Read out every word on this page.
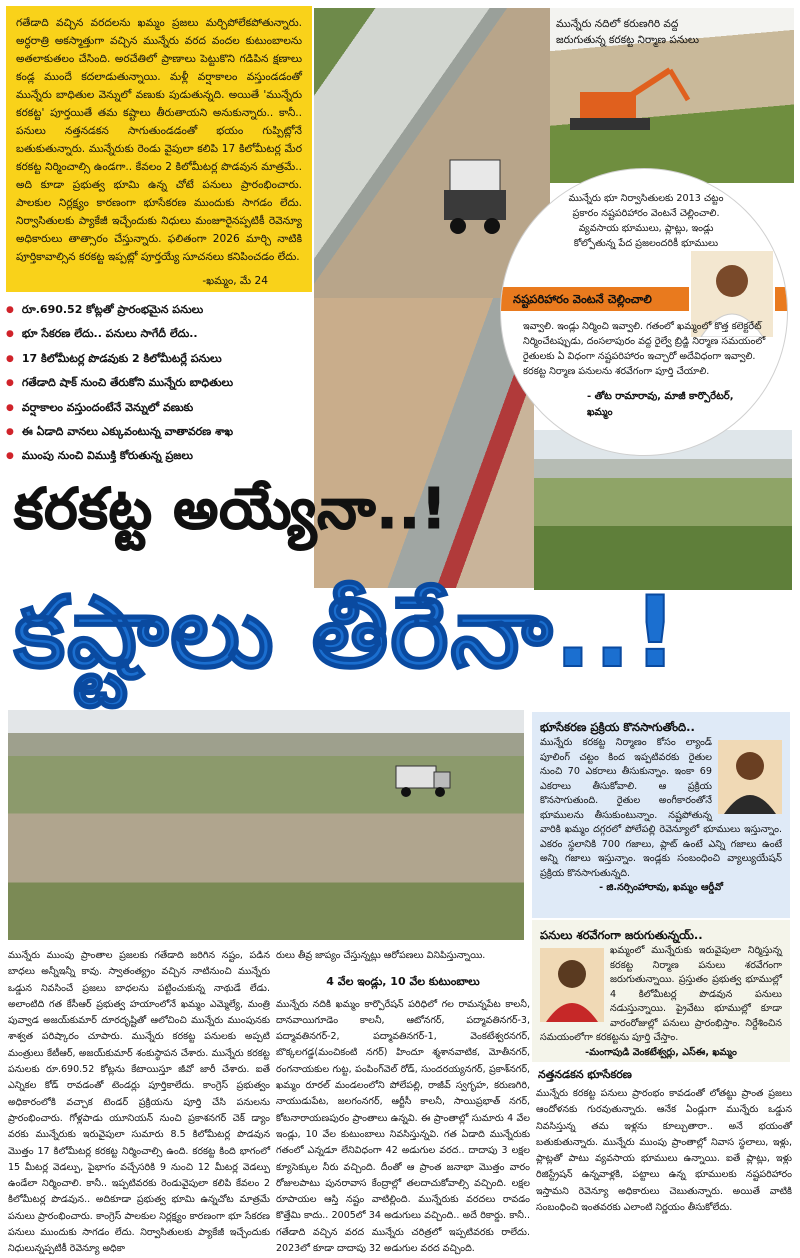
గతేడాది వచ్చిన వరదలను ఖమ్మం ప్రజలు మర్చిపోలేకపోతున్నారు. అర్ధరాత్రి అకస్మాత్తుగా వచ్చిన మున్నేరు వరద వందల కుటుంబాలను అతలాకుతలం చేసింది. అరచేతిలో ప్రాణాలు పెట్టుకొని గడిపిన క్షణాలు కండ్ల ముందే కదలాడుతున్నాయి. మళ్లీ వర్షాకాలం వస్తుండడంతో మున్నేరు బాధితుల వెన్నులో వణుకు పుడుతున్నది. అయితే 'మున్నేరు కరకట్ట' పూర్తయితే తమ కష్టాలు తీరుతాయని అనుకున్నారు.. కానీ.. పనులు నత్తనడకన సాగుతుండడంతో భయం గుప్పిట్లోనే బతుకుతున్నారు. మున్నేరుకు రెండు వైపులా కలిపి 17 కిలోమీటర్ల మేర కరకట్ట నిర్మించాల్సి ఉండగా.. కేవలం 2 కిలోమీటర్ల పొడవున మాత్రమే.. అది కూడా ప్రభుత్వ భూమి ఉన్న చోటే పనులు ప్రారంభించారు. పాలకుల నిర్లక్ష్యం కారణంగా భూసేకరణ ముందుకు సాగడం లేదు. నిర్వాసితులకు ప్యాకేజీ ఇచ్చేందుకు నిధులు మంజూరైనప్పటికీ రెవెన్యూ అధికారులు తాత్సారం చేస్తున్నారు. ఫలితంగా 2026 మార్చి నాటికి పూర్తికావాల్సిన కరకట్ట ఇప్పట్లో పూర్తయ్యే సూచనలు కనిపించడం లేదు.

-ఖమ్మం, మే 24
మున్నేరు నదిలో కరుణగిరి వద్ద జరుగుతున్న కరకట్ట నిర్మాణ పనులు
మున్నేరు భూ నిర్వాసితులకు 2013 చట్టం ప్రకారం నష్టపరిహారం వెంటనే చెల్లించాలి. వ్యవసాయ భూములు, ప్లాట్లు, ఇండ్లు కోల్పోతున్న పేద ప్రజలందరికీ భూములు
నష్టపరిహారం వెంటనే చెల్లించాలి
ఇవ్వాలి. ఇండ్లు నిర్మించి ఇవ్వాలి. గతంలో ఖమ్మంలో కొత్త కలెక్టరేట్ నిర్మించేటప్పుడు, దంసలాపురం వద్ద రైల్వే బ్రిడ్జి నిర్మాణ సమయంలో రైతులకు ఏ విధంగా నష్టపరిహారం ఇచ్చారో అదేవిధంగా ఇవ్వాలి. కరకట్ట నిర్మాణ పనులను శరవేగంగా పూర్తి చేయాలి.
- తోట రామారావు, మాజీ కార్పొరేటర్, ఖమ్మం
● రూ.690.52 కోట్లతో ప్రారంభమైన పనులు
● భూ సేకరణ లేదు.. పనులు సాగేదీ లేదు..
● 17 కిలోమీటర్ల పొడవుకు 2 కిలోమీటర్లే పనులు
● గతేడాది షాక్ నుంచి తేరుకోని మున్నేరు బాధితులు
● వర్షాకాలం వస్తుందంటేనే వెన్నులో వణుకు
● ఈ ఏడాది వానలు ఎక్కువంటున్న వాతావరణ శాఖ
● ముంపు నుంచి విముక్తి కోరుతున్న ప్రజలు
కరకట్ట అయ్యేనా..!
కష్టాలు తీరేనా..!
భూసేకరణ ప్రక్రియ కొనసాగుతోంది..
మున్నేరు కరకట్ట నిర్మాణం కోసం ల్యాండ్ పూలింగ్ చట్టం కింద ఇప్పటివరకు రైతుల నుంచి 70 ఎకరాలు తీసుకున్నాం. ఇంకా 69 ఎకరాలు తీసుకోవాలి. ఆ ప్రక్రియ కొనసాగుతుంది. రైతుల అంగీకారంతోనే భూములను తీసుకుంటున్నాం. నష్టపోతున్న వారికి ఖమ్మం దగ్గరలో పోలేపల్లి రెవెన్యూలో భూములు ఇస్తున్నాం. ఎకరం స్థలానికి 700 గజాలు, ప్లాట్ ఉంటే ఎన్ని గజాలు ఉంటే అన్ని గజాలు ఇస్తున్నాం. ఇండ్లకు సంబంధించి వ్యాల్యుయేషన్ ప్రక్రియ కొనసాగుతున్నది.
- జి.నర్సింహారావు, ఖమ్మం ఆర్డీవో
పనులు శరవేగంగా జరుగుతున్నయ్..
ఖమ్మంలో మున్నేరుకు ఇరువైపులా నిర్మిస్తున్న కరకట్ట నిర్మాణ పనులు శరవేగంగా జరుగుతున్నాయి. ప్రస్తుతం ప్రభుత్వ భూముల్లో 4 కిలోమీటర్ల పొడవున పనులు నడుస్తున్నాయి. ప్రైవేటు భూముల్లో కూడా వారంరోజుల్లో పనులు ప్రారంభిస్తాం. నిర్దేశించిన సమయంలోగా కరకట్టను పూర్తి చేస్తాం.
-మంగాపుడి వెంకటేశ్వర్లు, ఎస్ఈ, ఖమ్మం
మున్నేరు ముంపు ప్రాంతాల ప్రజలకు గతేడాది జరిగిన నష్టం, పడిన బాధలు అన్నీఇన్నీ కావు. స్వాతంత్య్రం వచ్చిన నాటినుంచి మున్నేరు ఒడ్డున నివసించే ప్రజలు బాధలను పట్టించుకున్న నాథుడే లేడు. అలాంటిది గత కేసీఆర్ ప్రభుత్వ హయాంలోనే ఖమ్మం ఎమ్మెల్యే, మంత్రి పువ్వాడ అజయ్‌కుమార్ దూరదృష్టితో ఆలోచించి మున్నేరు ముంపునకు శాశ్వత పరిష్కారం చూపారు. మున్నేరు కరకట్ట పనులకు అప్పటి మంత్రులు కేటీఆర్, అజయ్‌కుమార్ శంకుస్థాపన చేశారు. మున్నేరు కరకట్ట పనులకు రూ.690.52 కోట్లను కేటాయిస్తూ జీవో జారీ చేశారు. ఐతే ఎన్నికల కోడ్ రావడంతో టెండర్లు పూర్తికాలేదు. కాంగ్రెస్ ప్రభుత్వం అధికారంలోకి వచ్చాక టెండర్ ప్రక్రియను పూర్తి చేసి పనులను ప్రారంభించారు. గోళ్లపాడు యూనియన్ నుంచి ప్రకాశనగర్ చెక్ డ్యాం వరకు మున్నేరుకు ఇరువైపులా సుమారు 8.5 కిలోమీటర్ల పొడవున మొత్తం 17 కిలోమీటర్ల కరకట్ట నిర్మించాల్సి ఉంది. కరకట్ట కింది భాగంలో 15 మీటర్ల వెడల్పు, పైభాగం వచ్చేసరికి 9 నుంచి 12 మీటర్ల వెడల్పు ఉండేలా నిర్మించాలి. కానీ.. ఇప్పటివరకు రెండువైపులా కలిపి కేవలం 2 కిలోమీటర్ల పొడవున.. అదికూడా ప్రభుత్వ భూమి ఉన్నచోట మాత్రమే పనులు ప్రారంభించారు. కాంగ్రెస్ పాలకుల నిర్లక్ష్యం కారణంగా భూ సేకరణ పనులు ముందుకు సాగడం లేదు. నిర్వాసితులకు ప్యాకేజీ ఇచ్చేందుకు నిధులున్నప్పటికీ రెవెన్యూ అధికా
రులు తీవ్ర జాప్యం చేస్తున్నట్లు ఆరోపణలు వినిపిస్తున్నాయి.
4 వేల ఇండ్లు, 10 వేల కుటుంబాలు
మున్నేరు నదికి ఖమ్మం కార్పొరేషన్ పరిధిలో గల రామన్నపేట కాలనీ, దానవాయిగూడెం కాలనీ, ఆటోనగర్, పద్మావతినగర్-3, పద్మావతినగర్-2, పద్మావతినగర్-1, వెంకటేశ్వరనగర్, బొక్కలగడ్డ(మంచికంటి నగర్) హిందూ శ్మశానవాటిక, మోతీనగర్, రంగనాయకుల గుట్ట, పంపింగ్‌వెల్ రోడ్, సుందరయ్యనగర్, ప్రకాశ్‌నగర్, ఖమ్మం రూరల్ మండలంలోని పోలేపల్లి, రాజీవ్ స్వగృహ, కరుణగిరి, నాయుడుపేట, జలగంనగర్, ఆర్టీసీ కాలనీ, సాయిప్రభాత్ నగర్, కోటనారాయణపురం ప్రాంతాలు ఉన్నవి. ఈ ప్రాంతాల్లో సుమారు 4 వేల ఇండ్లు, 10 వేల కుటుంబాలు నివసిస్తున్నవి. గత ఏడాది మున్నేరుకు గతంలో ఎన్నడూ లేనివిధంగా 42 అడుగుల వరద.. దాదాపు 3 లక్షల క్యూసెక్కుల నీరు వచ్చింది. దీంతో ఆ ప్రాంత జనాభా మొత్తం వారం రోజులపాటు పునరావాస కేంద్రాల్లో తలదాచుకోవాల్సి వచ్చింది. లక్షల రూపాయల ఆస్తి నష్టం వాటిల్లింది. మున్నేరుకు వరదలు రావడం కొత్తేమి కాదు.. 2005లో 34 అడుగులు వచ్చింది.. అదే రికార్డు. కానీ.. గతేడాది వచ్చిన వరద మున్నేరు చరిత్రలో ఇప్పటివరకు రాలేదు. 2023లో కూడా దాదాపు 32 అడుగుల వరద వచ్చింది.
నత్తనడకన భూసేకరణ
మున్నేరు కరకట్ట పనులు ప్రారంభం కావడంతో లోతట్టు ప్రాంత ప్రజలు ఆందోళనకు గురవుతున్నారు. ఆనేక ఏండ్లుగా మున్నేరు ఒడ్డున నివసిస్తున్న తమ ఇళ్లను కూల్చుతారా.. అనే భయంతో బతుకుతున్నారు. మున్నేరు ముంపు ప్రాంతాల్లో నివాస స్థలాలు, ఇళ్లు, ప్లాట్లతో పాటు వ్యవసాయ భూములు ఉన్నాయి. ఐతే ప్లాట్లు, ఇళ్లు రిజిస్ట్రేషన్ ఉన్నవాళ్లకి, పట్టాలు ఉన్న భూములకు నష్టపరిహారం ఇస్తామని రెవెన్యూ అధికారులు చెబుతున్నారు. అయితే వాటికి సంబంధించి ఇంతవరకు ఎలాంటి నిర్ణయం తీసుకోలేదు.
